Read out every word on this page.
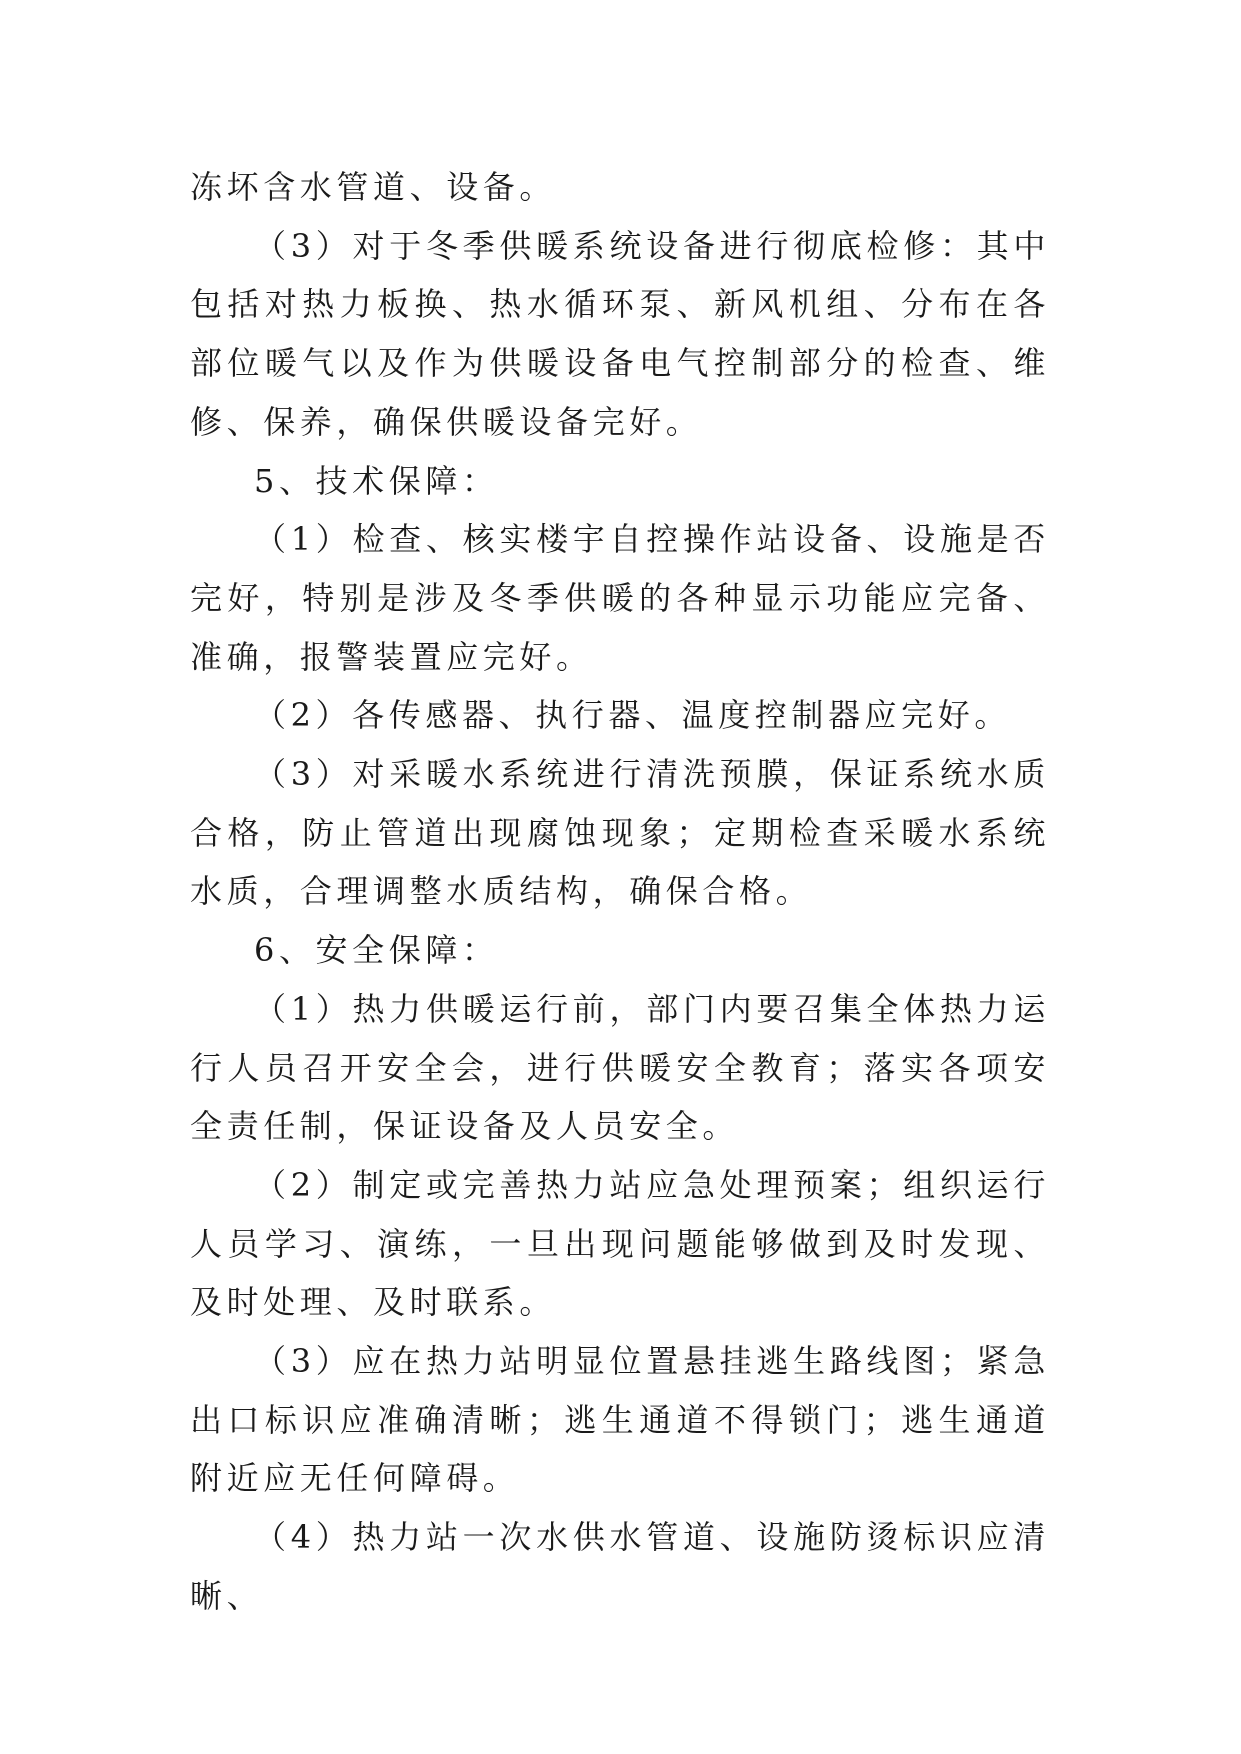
冻坏含水管道、设备。

（3）对于冬季供暖系统设备进行彻底检修：其中包括对热力板换、热水循环泵、新风机组、分布在各部位暖气以及作为供暖设备电气控制部分的检查、维修、保养，确保供暖设备完好。

5、技术保障：

（1）检查、核实楼宇自控操作站设备、设施是否完好，特别是涉及冬季供暖的各种显示功能应完备、准确，报警装置应完好。

（2）各传感器、执行器、温度控制器应完好。

（3）对采暖水系统进行清洗预膜，保证系统水质合格，防止管道出现腐蚀现象；定期检查采暖水系统水质，合理调整水质结构，确保合格。

6、安全保障：

（1）热力供暖运行前，部门内要召集全体热力运行人员召开安全会，进行供暖安全教育；落实各项安全责任制，保证设备及人员安全。

（2）制定或完善热力站应急处理预案；组织运行人员学习、演练，一旦出现问题能够做到及时发现、及时处理、及时联系。

（3）应在热力站明显位置悬挂逃生路线图；紧急出口标识应准确清晰；逃生通道不得锁门；逃生通道附近应无任何障碍。

（4）热力站一次水供水管道、设施防烫标识应清晰、
